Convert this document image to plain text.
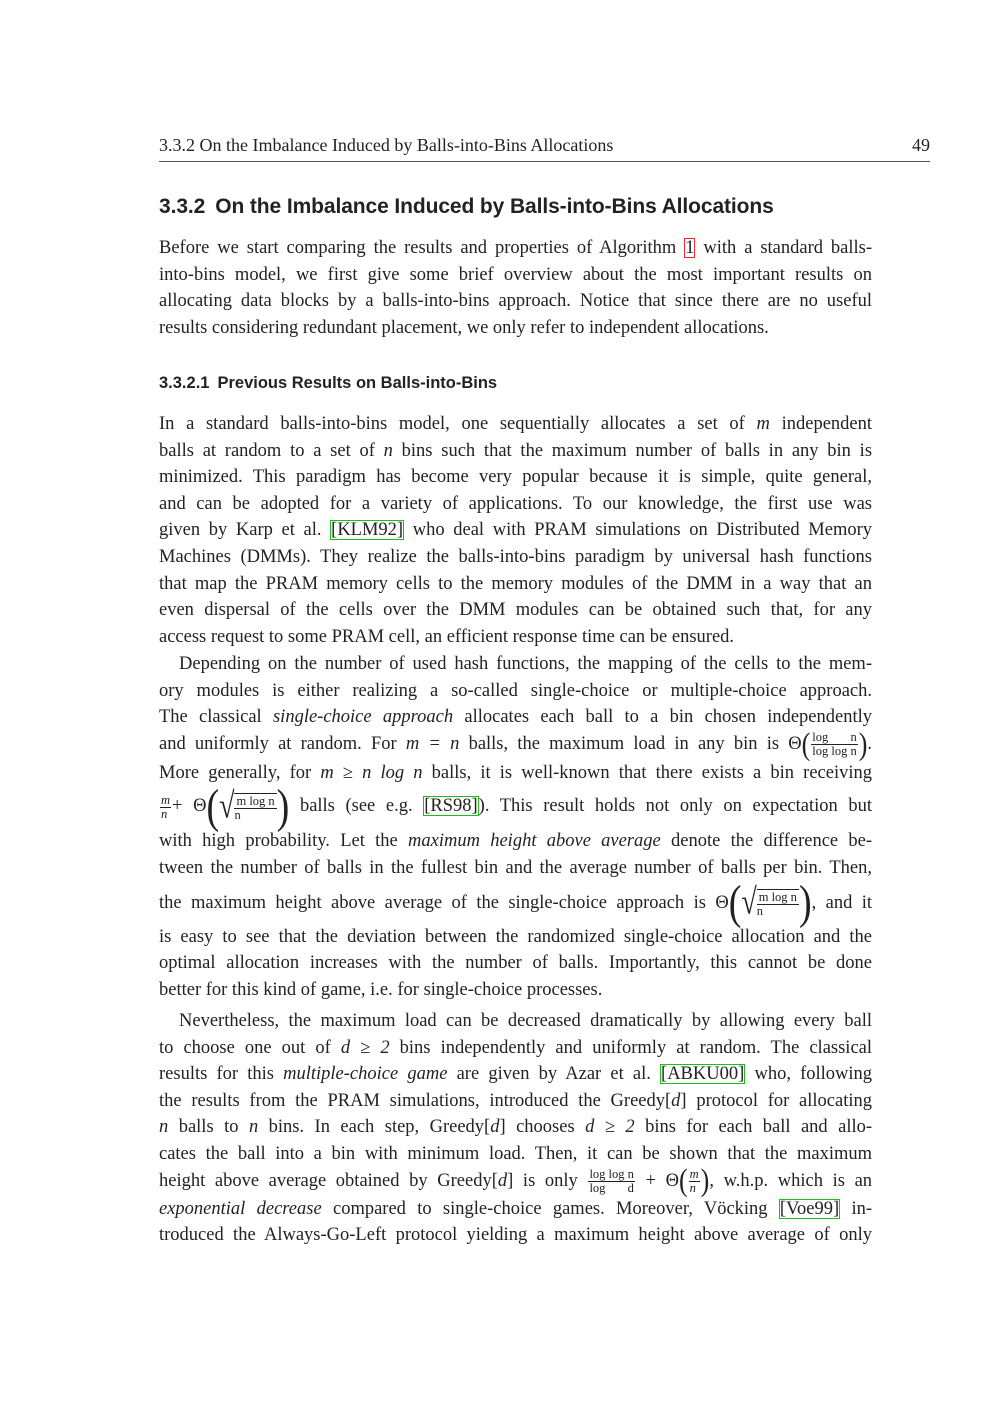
3.3.2 On the Imbalance Induced by Balls-into-Bins Allocations	49
3.3.2 On the Imbalance Induced by Balls-into-Bins Allocations
Before we start comparing the results and properties of Algorithm 1 with a standard balls-
into-bins model, we first give some brief overview about the most important results on
allocating data blocks by a balls-into-bins approach. Notice that since there are no useful
results considering redundant placement, we only refer to independent allocations.
3.3.2.1 Previous Results on Balls-into-Bins
In a standard balls-into-bins model, one sequentially allocates a set of m independent
balls at random to a set of n bins such that the maximum number of balls in any bin is
minimized. This paradigm has become very popular because it is simple, quite general,
and can be adopted for a variety of applications. To our knowledge, the first use was
given by Karp et al. [KLM92] who deal with PRAM simulations on Distributed Memory
Machines (DMMs). They realize the balls-into-bins paradigm by universal hash functions
that map the PRAM memory cells to the memory modules of the DMM in a way that an
even dispersal of the cells over the DMM modules can be obtained such that, for any
access request to some PRAM cell, an efficient response time can be ensured.
Depending on the number of used hash functions, the mapping of the cells to the mem-
ory modules is either realizing a so-called single-choice or multiple-choice approach.
The classical single-choice approach allocates each ball to a bin chosen independently
and uniformly at random. For m = n balls, the maximum load in any bin is $\Theta( \frac{\text{log n}}{\text{log log n}}$ ).
More generally, for m ≥ n log n balls, it is well-known that there exists a bin receiving
$\frac{m}{n} + \Theta(√ \frac{\text{m log n}}{n}$ ) balls (see e.g. [RS98]). This result holds not only on expectation but
with high probability. Let the maximum height above average denote the difference be-
tween the number of balls in the fullest bin and the average number of balls per bin. Then,
the maximum height above average of the single-choice approach is $\Theta(√ \frac{\text{m log n}}{n}$ ), and it
is easy to see that the deviation between the randomized single-choice allocation and the
optimal allocation increases with the number of balls. Importantly, this cannot be done
better for this kind of game, i.e. for single-choice processes.
Nevertheless, the maximum load can be decreased dramatically by allowing every ball
to choose one out of d ≥ 2 bins independently and uniformly at random. The classical
results for this multiple-choice game are given by Azar et al. [ABKU00] who, following
the results from the PRAM simulations, introduced the Greedy[d] protocol for allocating
n balls to n bins. In each step, Greedy[d] chooses d ≥ 2 bins for each ball and allo-
cates the ball into a bin with minimum load. Then, it can be shown that the maximum
height above average obtained by Greedy[d] is only $\frac{\text{log log n}}{\text{log d}} + \Theta( \frac{m}{n}$ ), w.h.p. which is an
exponential decrease compared to single-choice games. Moreover, Vöcking [Voe99] in-
troduced the Always-Go-Left protocol yielding a maximum height above average of only
